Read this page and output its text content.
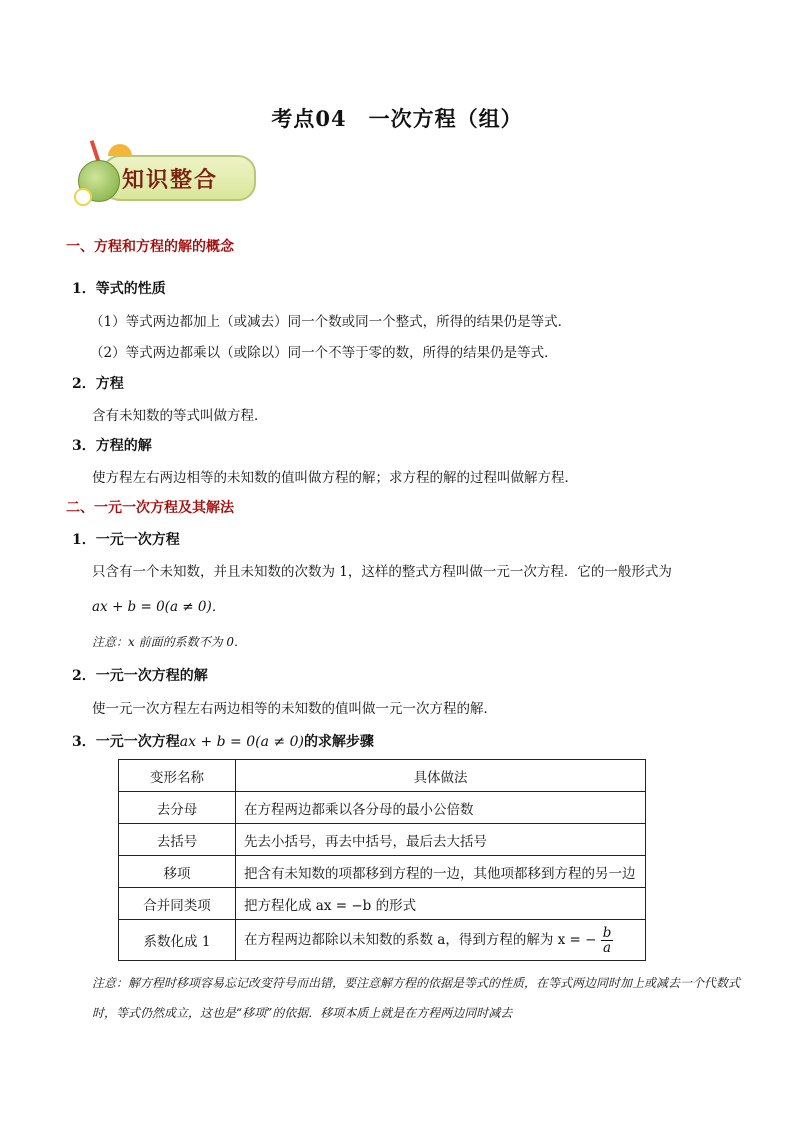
考点04　一次方程（组）
知识整合
一、方程和方程的解的概念
1．等式的性质
（1）等式两边都加上（或减去）同一个数或同一个整式，所得的结果仍是等式．
（2）等式两边都乘以（或除以）同一个不等于零的数，所得的结果仍是等式．
2．方程
含有未知数的等式叫做方程．
3．方程的解
使方程左右两边相等的未知数的值叫做方程的解；求方程的解的过程叫做解方程．
二、一元一次方程及其解法
1．一元一次方程
只含有一个未知数，并且未知数的次数为 1，这样的整式方程叫做一元一次方程．它的一般形式为
ax + b = 0(a ≠ 0)．
注意：x 前面的系数不为 0．
2．一元一次方程的解
使一元一次方程左右两边相等的未知数的值叫做一元一次方程的解．
3．一元一次方程ax + b = 0(a ≠ 0)的求解步骤
变形名称	具体做法
去分母	在方程两边都乘以各分母的最小公倍数
去括号	先去小括号，再去中括号，最后去大括号
移项	把含有未知数的项都移到方程的一边，其他项都移到方程的另一边
合并同类项	把方程化成 ax = −b 的形式
系数化成 1	在方程两边都除以未知数的系数 a，得到方程的解为 x = − $\frac{b}{a}$
注意：解方程时移项容易忘记改变符号而出错，要注意解方程的依据是等式的性质，在等式两边同时加上或减去一个代数式时，等式仍然成立，这也是“移项”的依据．移项本质上就是在方程两边同时减去
